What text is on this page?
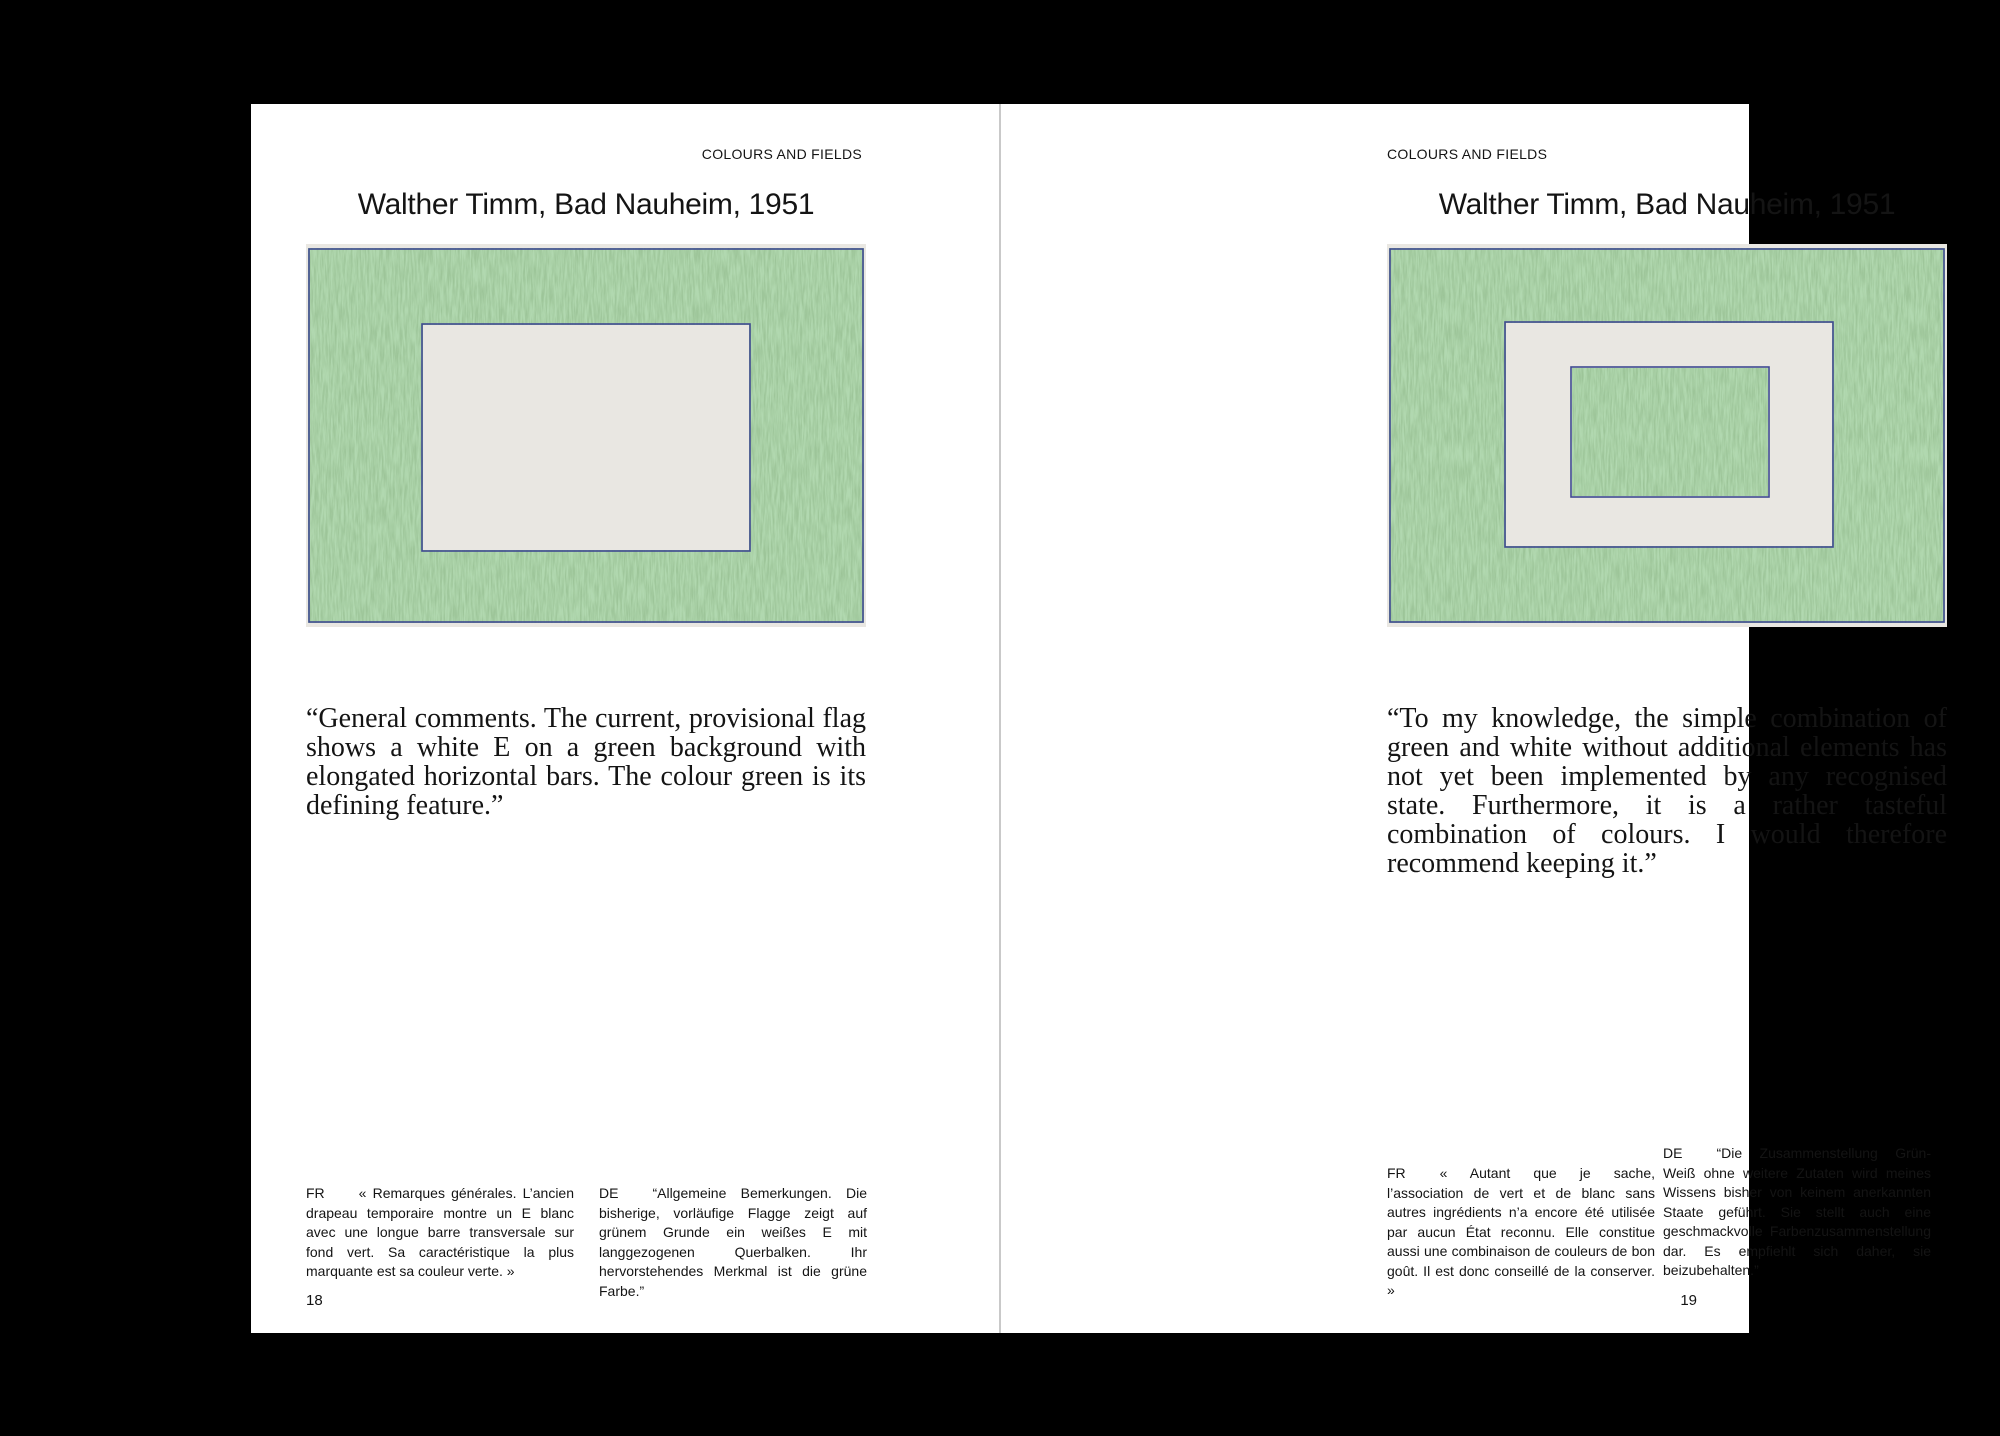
COLOURS AND FIELDS

Walther Timm, Bad Nauheim, 1951

“General comments. The current, provisional flag shows a white E on a green background with elongated horizontal bars. The colour green is its defining feature.”

FR « Remarques générales. L’ancien drapeau temporaire montre un E blanc avec une longue barre transversale sur fond vert. Sa caractéristique la plus marquante est sa couleur verte. »

DE “Allgemeine Bemerkungen. Die bisherige, vorläufige Flagge zeigt auf grünem Grunde ein weißes E mit langgezogenen Querbalken. Ihr hervorstehendes Merkmal ist die grüne Farbe.”

18

COLOURS AND FIELDS

Walther Timm, Bad Nauheim, 1951

“To my knowledge, the simple combination of green and white without additional elements has not yet been implemented by any recognised state. Furthermore, it is a rather tasteful combination of colours. I would therefore recommend keeping it.”

FR « Autant que je sache, l’association de vert et de blanc sans autres ingrédients n’a encore été utilisée par aucun État reconnu. Elle constitue aussi une combinaison de couleurs de bon goût. Il est donc conseillé de la conserver. »

DE “Die Zusammenstellung Grün-Weiß ohne weitere Zutaten wird meines Wissens bisher von keinem anerkannten Staate geführt. Sie stellt auch eine geschmackvolle Farbenzusammenstellung dar. Es empfiehlt sich daher, sie beizubehalten.”

19
